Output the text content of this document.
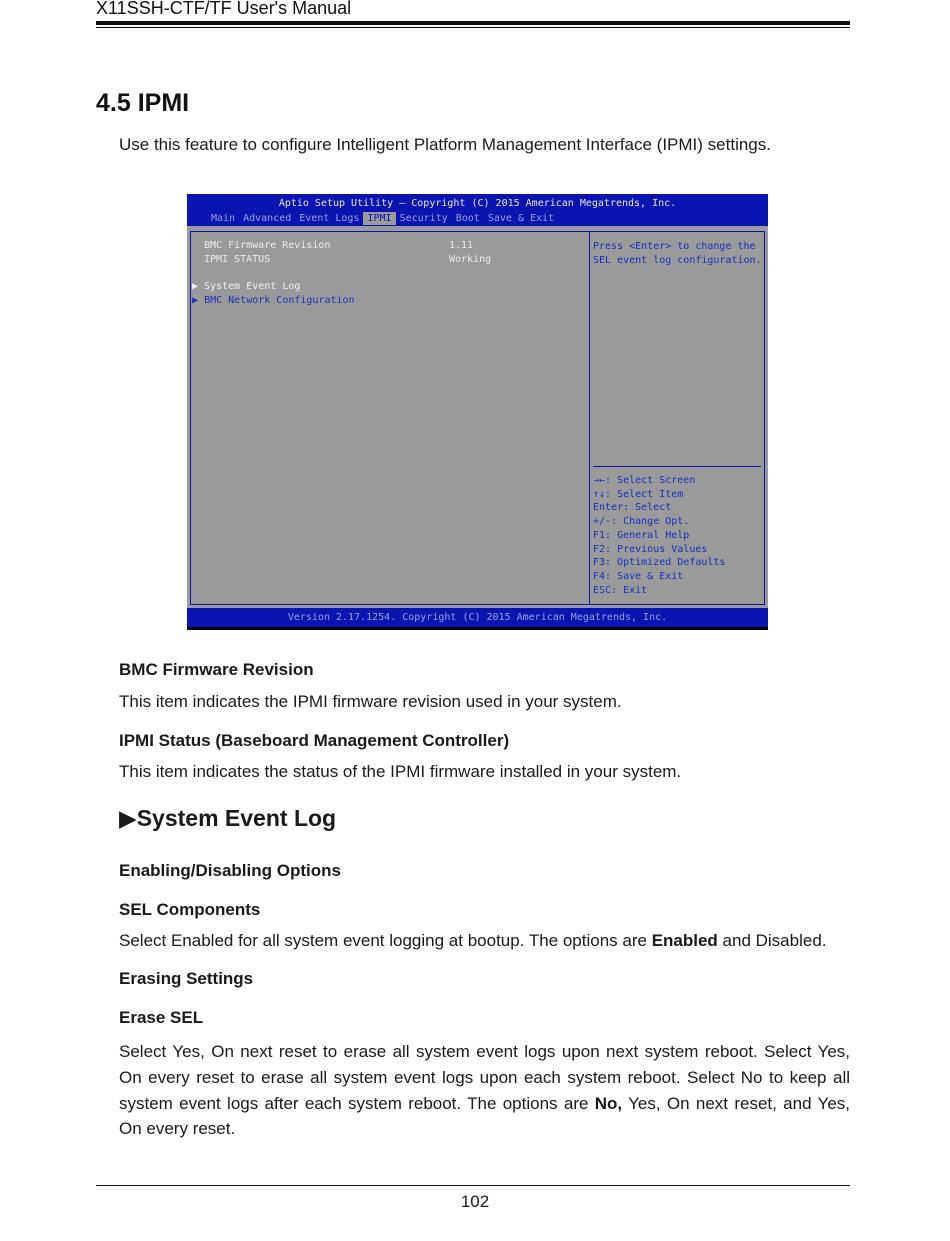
X11SSH-CTF/TF User's Manual
4.5 IPMI

Use this feature to configure Intelligent Platform Management Interface (IPMI) settings.

Aptio Setup Utility – Copyright (C) 2015 American Megatrends, Inc.
Main Advanced Event Logs IPMI Security Boot Save & Exit
BMC Firmware Revision	1.11
IPMI STATUS	Working
▶ System Event Log
▶ BMC Network Configuration
Press <Enter> to change the SEL event log configuration.
→←: Select Screen
↑↓: Select Item
Enter: Select
+/-: Change Opt.
F1: General Help
F2: Previous Values
F3: Optimized Defaults
F4: Save & Exit
ESC: Exit
Version 2.17.1254. Copyright (C) 2015 American Megatrends, Inc.
BMC Firmware Revision

This item indicates the IPMI firmware revision used in your system.

IPMI Status (Baseboard Management Controller)

This item indicates the status of the IPMI firmware installed in your system.

▶System Event Log
Enabling/Disabling Options
SEL Components

Select Enabled for all system event logging at bootup. The options are Enabled and Disabled.

Erasing Settings
Erase SEL

Select Yes, On next reset to erase all system event logs upon next system reboot. Select Yes, On every reset to erase all system event logs upon each system reboot. Select No to keep all system event logs after each system reboot. The options are No, Yes, On next reset, and Yes, On every reset.

102
